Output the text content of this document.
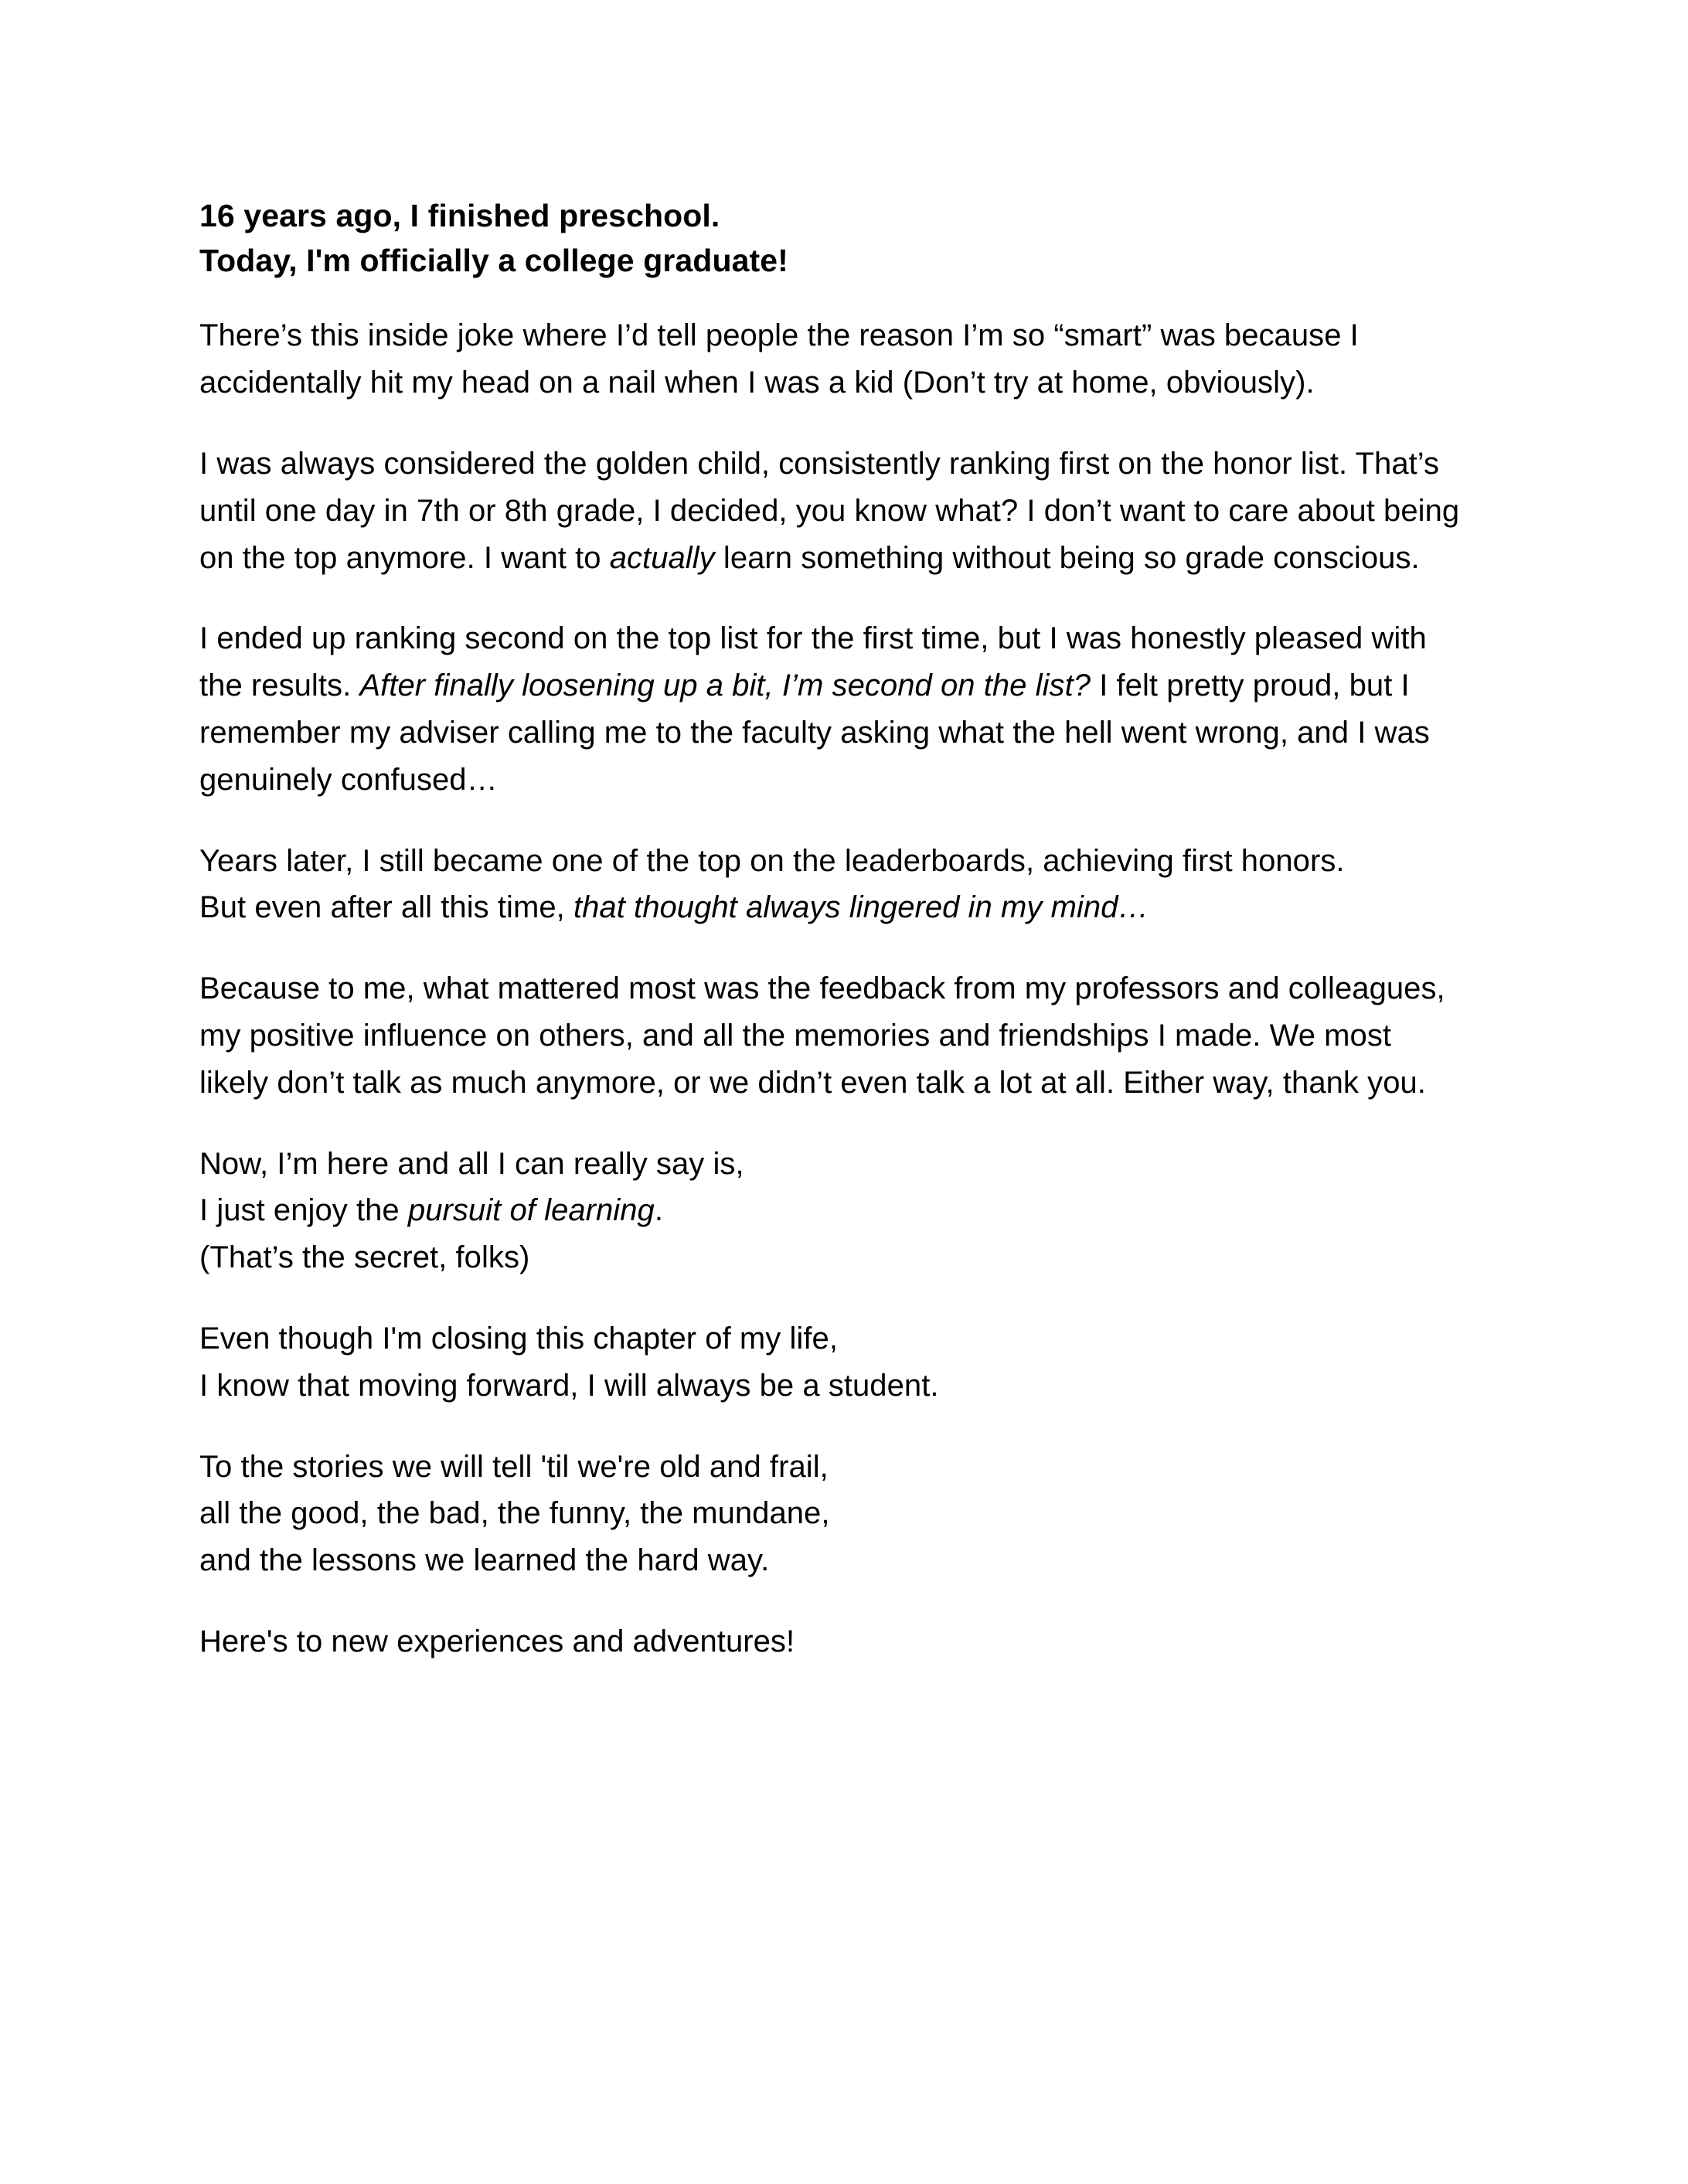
16 years ago, I finished preschool.
Today, I'm officially a college graduate!

There’s this inside joke where I’d tell people the reason I’m so “smart” was because I accidentally hit my head on a nail when I was a kid (Don’t try at home, obviously).

I was always considered the golden child, consistently ranking first on the honor list. That’s until one day in 7th or 8th grade, I decided, you know what? I don’t want to care about being on the top anymore. I want to actually learn something without being so grade conscious.

I ended up ranking second on the top list for the first time, but I was honestly pleased with the results. After finally loosening up a bit, I’m second on the list? I felt pretty proud, but I remember my adviser calling me to the faculty asking what the hell went wrong, and I was genuinely confused…

Years later, I still became one of the top on the leaderboards, achieving first honors.
But even after all this time, that thought always lingered in my mind…

Because to me, what mattered most was the feedback from my professors and colleagues, my positive influence on others, and all the memories and friendships I made. We most likely don’t talk as much anymore, or we didn’t even talk a lot at all. Either way, thank you.

Now, I’m here and all I can really say is,
I just enjoy the pursuit of learning.
(That’s the secret, folks)

Even though I'm closing this chapter of my life,
I know that moving forward, I will always be a student.

To the stories we will tell 'til we're old and frail,
all the good, the bad, the funny, the mundane,
and the lessons we learned the hard way.

Here's to new experiences and adventures!
